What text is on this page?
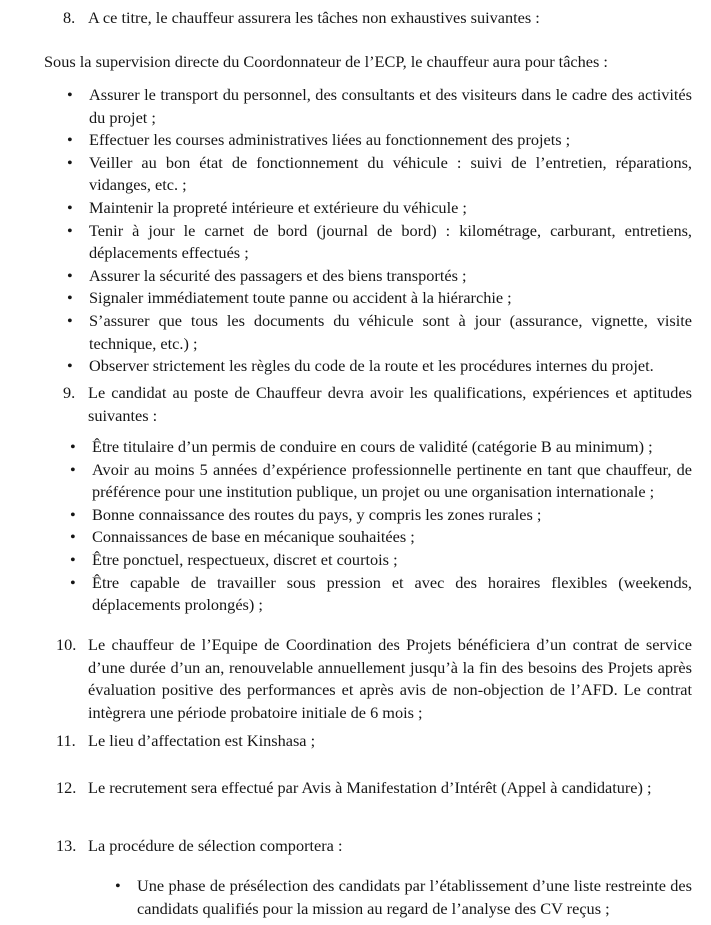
8. A ce titre, le chauffeur assurera les tâches non exhaustives suivantes :
Sous la supervision directe du Coordonnateur de l’ECP, le chauffeur aura pour tâches :
• Assurer le transport du personnel, des consultants et des visiteurs dans le cadre des activités du projet ;
• Effectuer les courses administratives liées au fonctionnement des projets ;
• Veiller au bon état de fonctionnement du véhicule : suivi de l’entretien, réparations, vidanges, etc. ;
• Maintenir la propreté intérieure et extérieure du véhicule ;
• Tenir à jour le carnet de bord (journal de bord) : kilométrage, carburant, entretiens, déplacements effectués ;
• Assurer la sécurité des passagers et des biens transportés ;
• Signaler immédiatement toute panne ou accident à la hiérarchie ;
• S’assurer que tous les documents du véhicule sont à jour (assurance, vignette, visite technique, etc.) ;
• Observer strictement les règles du code de la route et les procédures internes du projet.
9. Le candidat au poste de Chauffeur devra avoir les qualifications, expériences et aptitudes suivantes :
• Être titulaire d’un permis de conduire en cours de validité (catégorie B au minimum) ;
• Avoir au moins 5 années d’expérience professionnelle pertinente en tant que chauffeur, de préférence pour une institution publique, un projet ou une organisation internationale ;
• Bonne connaissance des routes du pays, y compris les zones rurales ;
• Connaissances de base en mécanique souhaitées ;
• Être ponctuel, respectueux, discret et courtois ;
• Être capable de travailler sous pression et avec des horaires flexibles (weekends, déplacements prolongés) ;
10. Le chauffeur de l’Equipe de Coordination des Projets bénéficiera d’un contrat de service d’une durée d’un an, renouvelable annuellement jusqu’à la fin des besoins des Projets après évaluation positive des performances et après avis de non-objection de l’AFD. Le contrat intègrera une période probatoire initiale de 6 mois ;
11. Le lieu d’affectation est Kinshasa ;
12. Le recrutement sera effectué par Avis à Manifestation d’Intérêt (Appel à candidature) ;
13. La procédure de sélection comportera :
• Une phase de présélection des candidats par l’établissement d’une liste restreinte des candidats qualifiés pour la mission au regard de l’analyse des CV reçus ;
